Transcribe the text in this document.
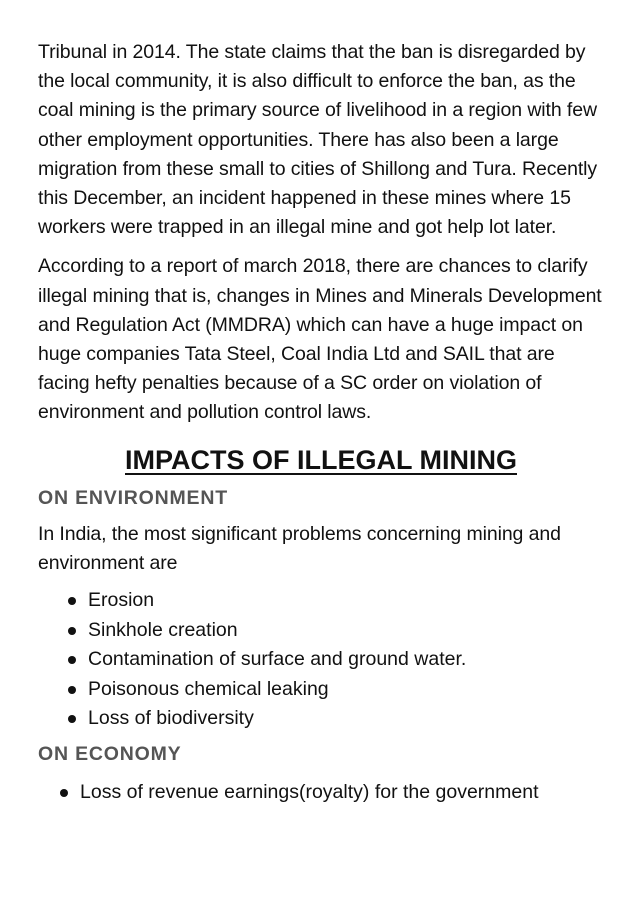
Tribunal in 2014. The state claims that the ban is disregarded by the local community, it is also difficult to enforce the ban, as the coal mining is the primary source of livelihood in a region with few other employment opportunities. There has also been a large migration from these small to cities of Shillong and Tura. Recently this December, an incident happened in these mines where 15 workers were trapped in an illegal mine and got help lot later.

According to a report of march 2018, there are chances to clarify illegal mining that is, changes in Mines and Minerals Development and Regulation Act (MMDRA) which can have a huge impact on huge companies Tata Steel, Coal India Ltd and SAIL that are facing hefty penalties because of a SC order on violation of environment and pollution control laws.

IMPACTS OF ILLEGAL MINING
ON ENVIRONMENT

In India, the most significant problems concerning mining and environment are

Erosion
Sinkhole creation
Contamination of surface and ground water.
Poisonous chemical leaking
Loss of biodiversity
ON ECONOMY
Loss of revenue earnings(royalty) for the government
